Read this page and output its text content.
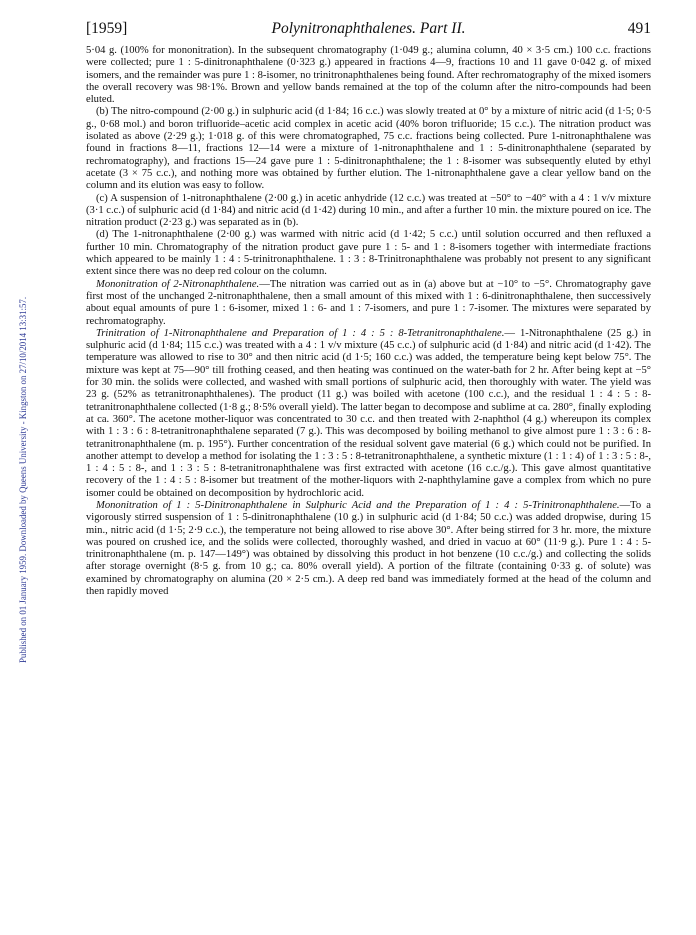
Published on 01 January 1959. Downloaded by Queens University - Kingston on 27/10/2014 13:31:57.
[1959]	Polynitronaphthalenes. Part II.	491

5·04 g. (100% for mononitration). In the subsequent chromatography (1·049 g.; alumina column, 40 × 3·5 cm.) 100 c.c. fractions were collected; pure 1 : 5-dinitronaphthalene (0·323 g.) appeared in fractions 4—9, fractions 10 and 11 gave 0·042 g. of mixed isomers, and the remainder was pure 1 : 8-isomer, no trinitronaphthalenes being found. After rechromatography of the mixed isomers the overall recovery was 98·1%. Brown and yellow bands remained at the top of the column after the nitro-compounds had been eluted.

(b) The nitro-compound (2·00 g.) in sulphuric acid (d 1·84; 16 c.c.) was slowly treated at 0° by a mixture of nitric acid (d 1·5; 0·5 g., 0·68 mol.) and boron trifluoride–acetic acid complex in acetic acid (40% boron trifluoride; 15 c.c.). The nitration product was isolated as above (2·29 g.); 1·018 g. of this were chromatographed, 75 c.c. fractions being collected. Pure 1-nitronaphthalene was found in fractions 8—11, fractions 12—14 were a mixture of 1-nitronaphthalene and 1 : 5-dinitronaphthalene (separated by rechromatography), and fractions 15—24 gave pure 1 : 5-dinitronaphthalene; the 1 : 8-isomer was subsequently eluted by ethyl acetate (3 × 75 c.c.), and nothing more was obtained by further elution. The 1-nitronaphthalene gave a clear yellow band on the column and its elution was easy to follow.

(c) A suspension of 1-nitronaphthalene (2·00 g.) in acetic anhydride (12 c.c.) was treated at −50° to −40° with a 4 : 1 v/v mixture (3·1 c.c.) of sulphuric acid (d 1·84) and nitric acid (d 1·42) during 10 min., and after a further 10 min. the mixture poured on ice. The nitration product (2·23 g.) was separated as in (b).

(d) The 1-nitronaphthalene (2·00 g.) was warmed with nitric acid (d 1·42; 5 c.c.) until solution occurred and then refluxed a further 10 min. Chromatography of the nitration product gave pure 1 : 5- and 1 : 8-isomers together with intermediate fractions which appeared to be mainly 1 : 4 : 5-trinitronaphthalene. 1 : 3 : 8-Trinitronaphthalene was probably not present to any significant extent since there was no deep red colour on the column.

Mononitration of 2-Nitronaphthalene.—The nitration was carried out as in (a) above but at −10° to −5°. Chromatography gave first most of the unchanged 2-nitronaphthalene, then a small amount of this mixed with 1 : 6-dinitronaphthalene, then successively about equal amounts of pure 1 : 6-isomer, mixed 1 : 6- and 1 : 7-isomers, and pure 1 : 7-isomer. The mixtures were separated by rechromatography.

Trinitration of 1-Nitronaphthalene and Preparation of 1 : 4 : 5 : 8-Tetranitronaphthalene.— 1-Nitronaphthalene (25 g.) in sulphuric acid (d 1·84; 115 c.c.) was treated with a 4 : 1 v/v mixture (45 c.c.) of sulphuric acid (d 1·84) and nitric acid (d 1·42). The temperature was allowed to rise to 30° and then nitric acid (d 1·5; 160 c.c.) was added, the temperature being kept below 75°. The mixture was kept at 75—90° till frothing ceased, and then heating was continued on the water-bath for 2 hr. After being kept at −5° for 30 min. the solids were collected, and washed with small portions of sulphuric acid, then thoroughly with water. The yield was 23 g. (52% as tetranitronaphthalenes). The product (11 g.) was boiled with acetone (100 c.c.), and the residual 1 : 4 : 5 : 8-tetranitronaphthalene collected (1·8 g.; 8·5% overall yield). The latter began to decompose and sublime at ca. 280°, finally exploding at ca. 360°. The acetone mother-liquor was concentrated to 30 c.c. and then treated with 2-naphthol (4 g.) whereupon its complex with 1 : 3 : 6 : 8-tetranitronaphthalene separated (7 g.). This was decomposed by boiling methanol to give almost pure 1 : 3 : 6 : 8-tetranitronaphthalene (m. p. 195°). Further concentration of the residual solvent gave material (6 g.) which could not be purified. In another attempt to develop a method for isolating the 1 : 3 : 5 : 8-tetranitronaphthalene, a synthetic mixture (1 : 1 : 4) of 1 : 3 : 5 : 8-, 1 : 4 : 5 : 8-, and 1 : 3 : 5 : 8-tetranitronaphthalene was first extracted with acetone (16 c.c./g.). This gave almost quantitative recovery of the 1 : 4 : 5 : 8-isomer but treatment of the mother-liquors with 2-naphthylamine gave a complex from which no pure isomer could be obtained on decomposition by hydrochloric acid.

Mononitration of 1 : 5-Dinitronaphthalene in Sulphuric Acid and the Preparation of 1 : 4 : 5-Trinitronaphthalene.—To a vigorously stirred suspension of 1 : 5-dinitronaphthalene (10 g.) in sulphuric acid (d 1·84; 50 c.c.) was added dropwise, during 15 min., nitric acid (d 1·5; 2·9 c.c.), the temperature not being allowed to rise above 30°. After being stirred for 3 hr. more, the mixture was poured on crushed ice, and the solids were collected, thoroughly washed, and dried in vacuo at 60° (11·9 g.). Pure 1 : 4 : 5-trinitronaphthalene (m. p. 147—149°) was obtained by dissolving this product in hot benzene (10 c.c./g.) and collecting the solids after storage overnight (8·5 g. from 10 g.; ca. 80% overall yield). A portion of the filtrate (containing 0·33 g. of solute) was examined by chromatography on alumina (20 × 2·5 cm.). A deep red band was immediately formed at the head of the column and then rapidly moved
